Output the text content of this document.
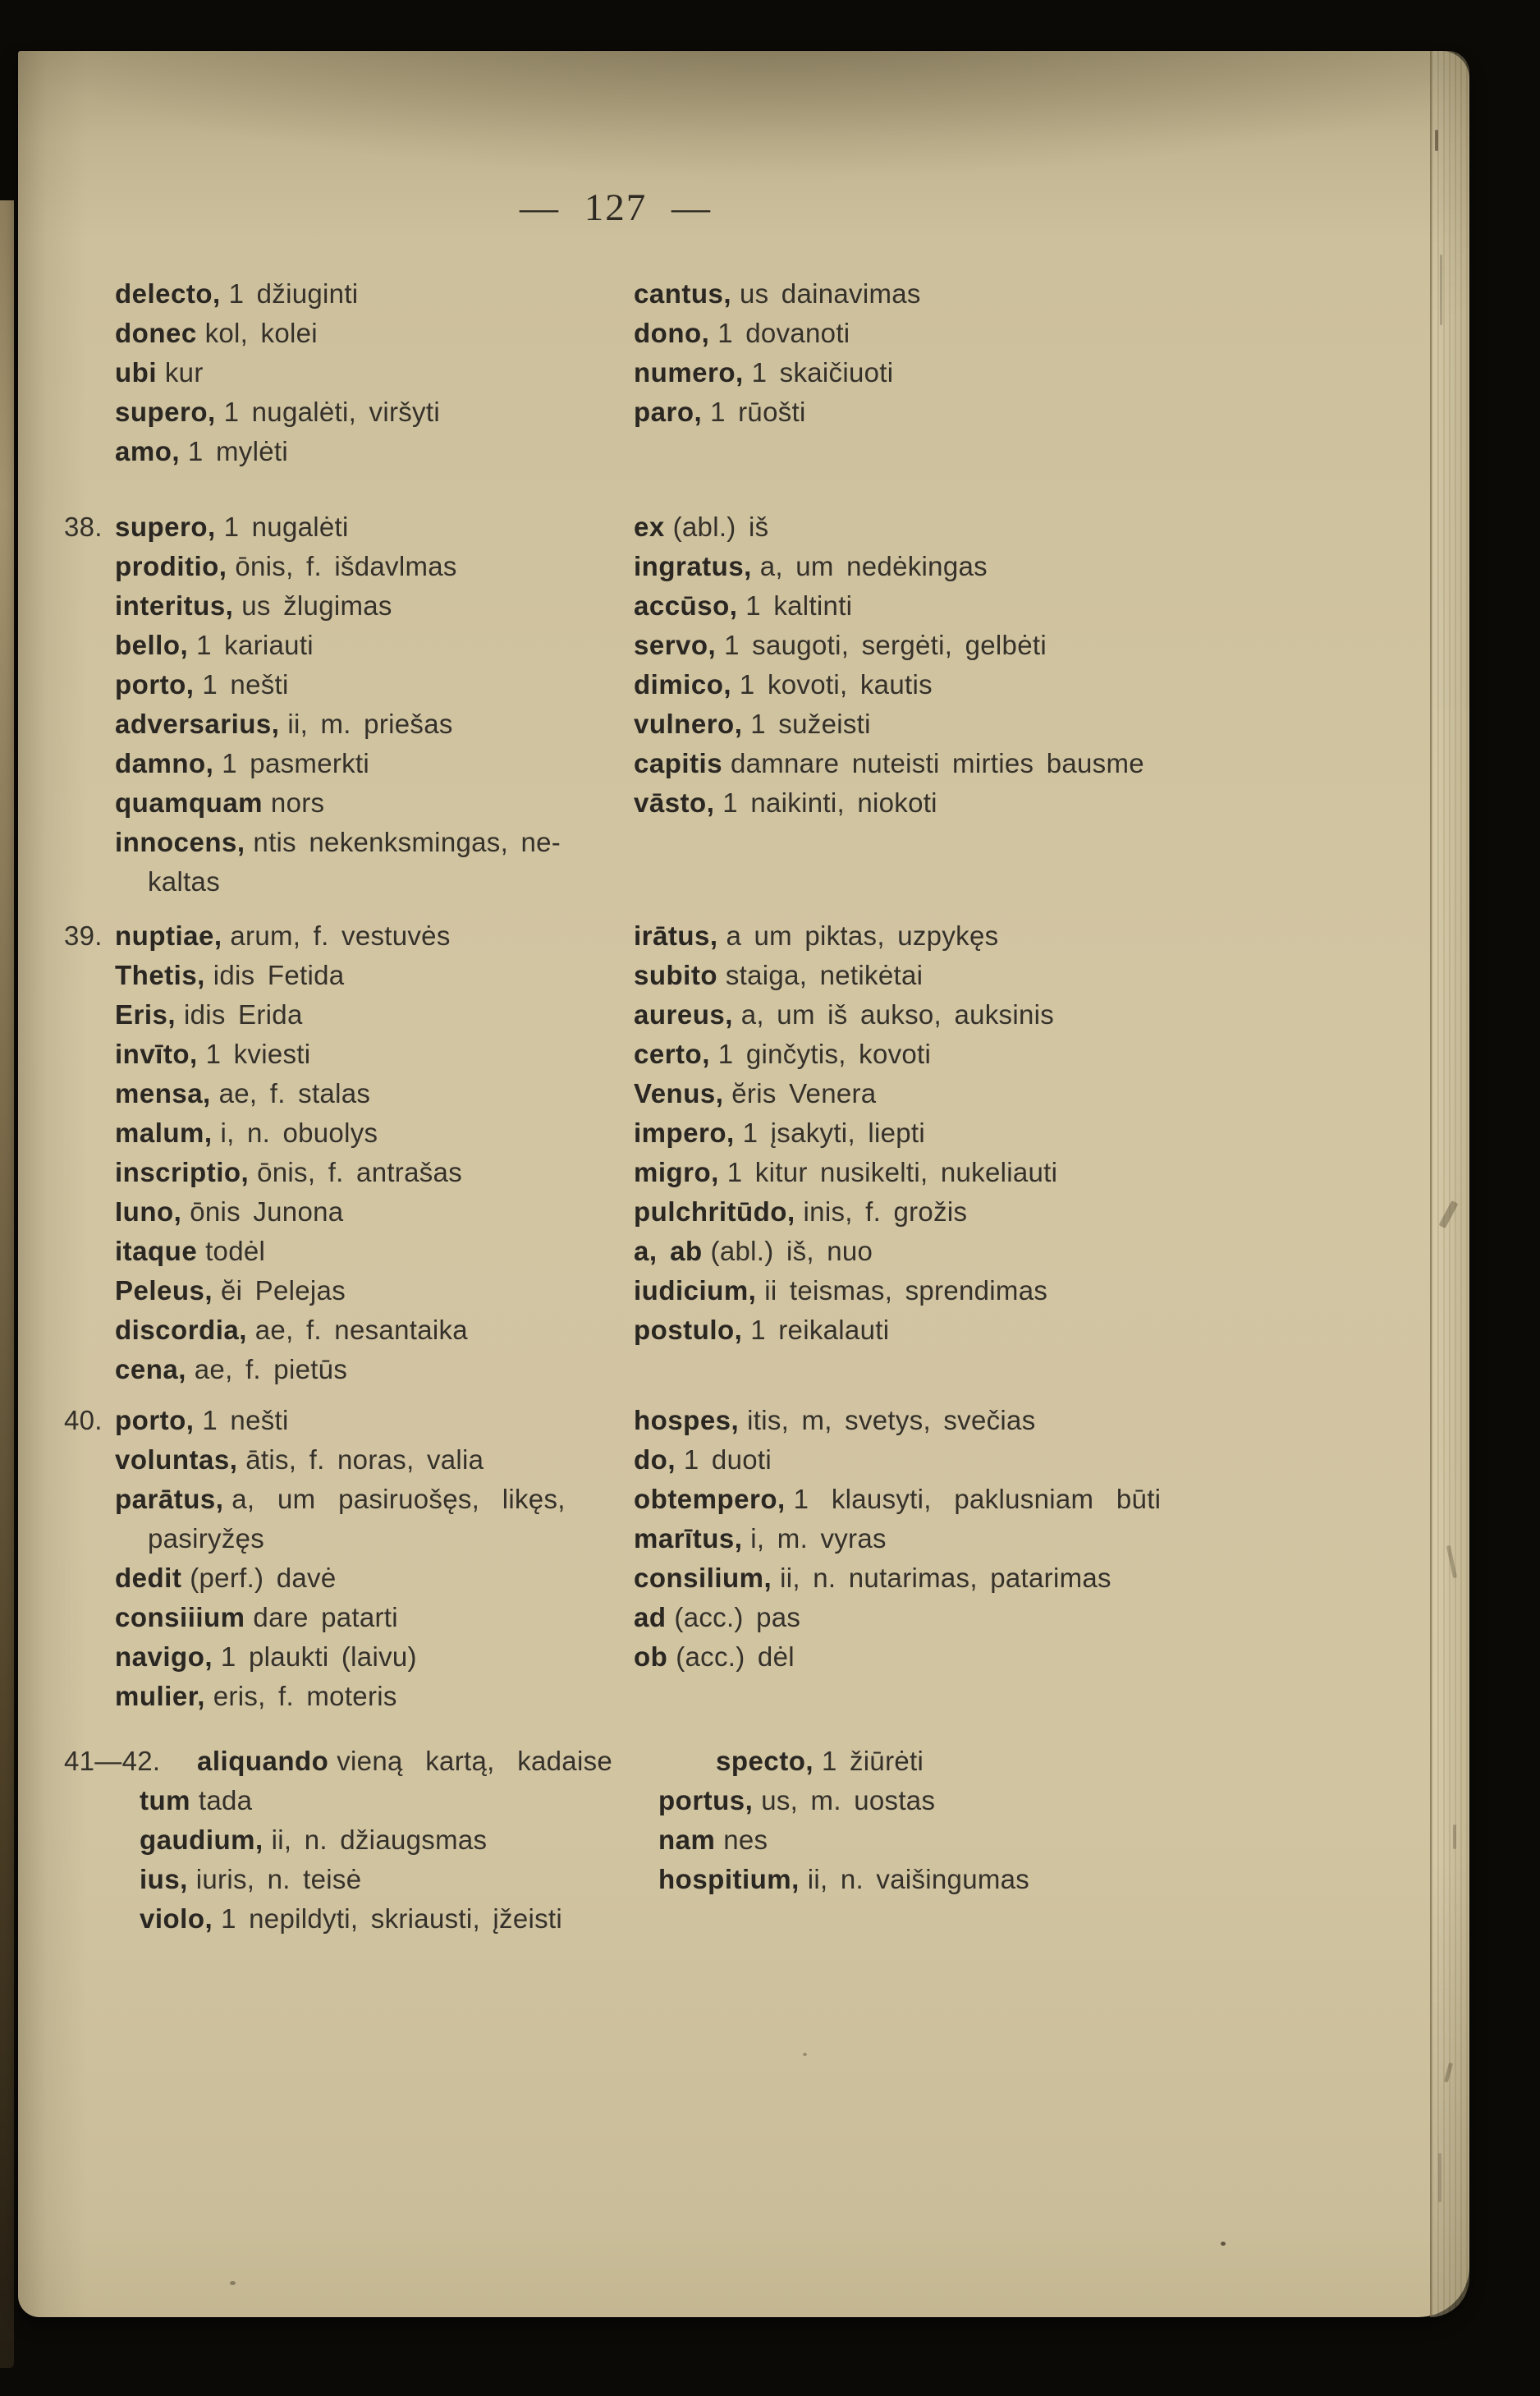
— 127 —
delecto, 1 džiuginti
donec kol, kolei
ubi kur
supero, 1 nugalėti, viršyti
amo, 1 mylėti
cantus, us dainavimas
dono, 1 dovanoti
numero, 1 skaičiuoti
paro, 1 rūošti
38. supero, 1 nugalėti
proditio, ōnis, f. išdavlmas
interitus, us žlugimas
bello, 1 kariauti
porto, 1 nešti
adversarius, ii, m. priešas
damno, 1 pasmerkti
quamquam nors
innocens, ntis nekenksmingas, ne-
kaltas
ex (abl.) iš
ingratus, a, um nedėkingas
accūso, 1 kaltinti
servo, 1 saugoti, sergėti, gelbėti
dimico, 1 kovoti, kautis
vulnero, 1 sužeisti
capitis damnare nuteisti mirties bausme
vāsto, 1 naikinti, niokoti
39. nuptiae, arum, f. vestuvės
Thetis, idis Fetida
Eris, idis Erida
invīto, 1 kviesti
mensa, ae, f. stalas
malum, i, n. obuolys
inscriptio, ōnis, f. antrašas
Iuno, ōnis Junona
itaque todėl
Peleus, ĕi Pelejas
discordia, ae, f. nesantaika
cena, ae, f. pietūs
irātus, a um piktas, uzpykęs
subito staiga, netikėtai
aureus, a, um iš aukso, auksinis
certo, 1 ginčytis, kovoti
Venus, ĕris Venera
impero, 1 įsakyti, liepti
migro, 1 kitur nusikelti, nukeliauti
pulchritūdo, inis, f. grožis
a, ab (abl.) iš, nuo
iudicium, ii teismas, sprendimas
postulo, 1 reikalauti
40. porto, 1 nešti
voluntas, ātis, f. noras, valia
parātus, a, um pasiruošęs, likęs,
pasiryžęs
dedit (perf.) davė
consiiium dare patarti
navigo, 1 plaukti (laivu)
mulier, eris, f. moteris
hospes, itis, m, svetys, svečias
do, 1 duoti
obtempero, 1 klausyti, paklusniam būti
marītus, i, m. vyras
consilium, ii, n. nutarimas, patarimas
ad (acc.) pas
ob (acc.) dėl
41—42. aliquando vieną kartą, kadaise
tum tada
gaudium, ii, n. džiaugsmas
ius, iuris, n. teisė
violo, 1 nepildyti, skriausti, įžeisti
specto, 1 žiūrėti
portus, us, m. uostas
nam nes
hospitium, ii, n. vaišingumas
